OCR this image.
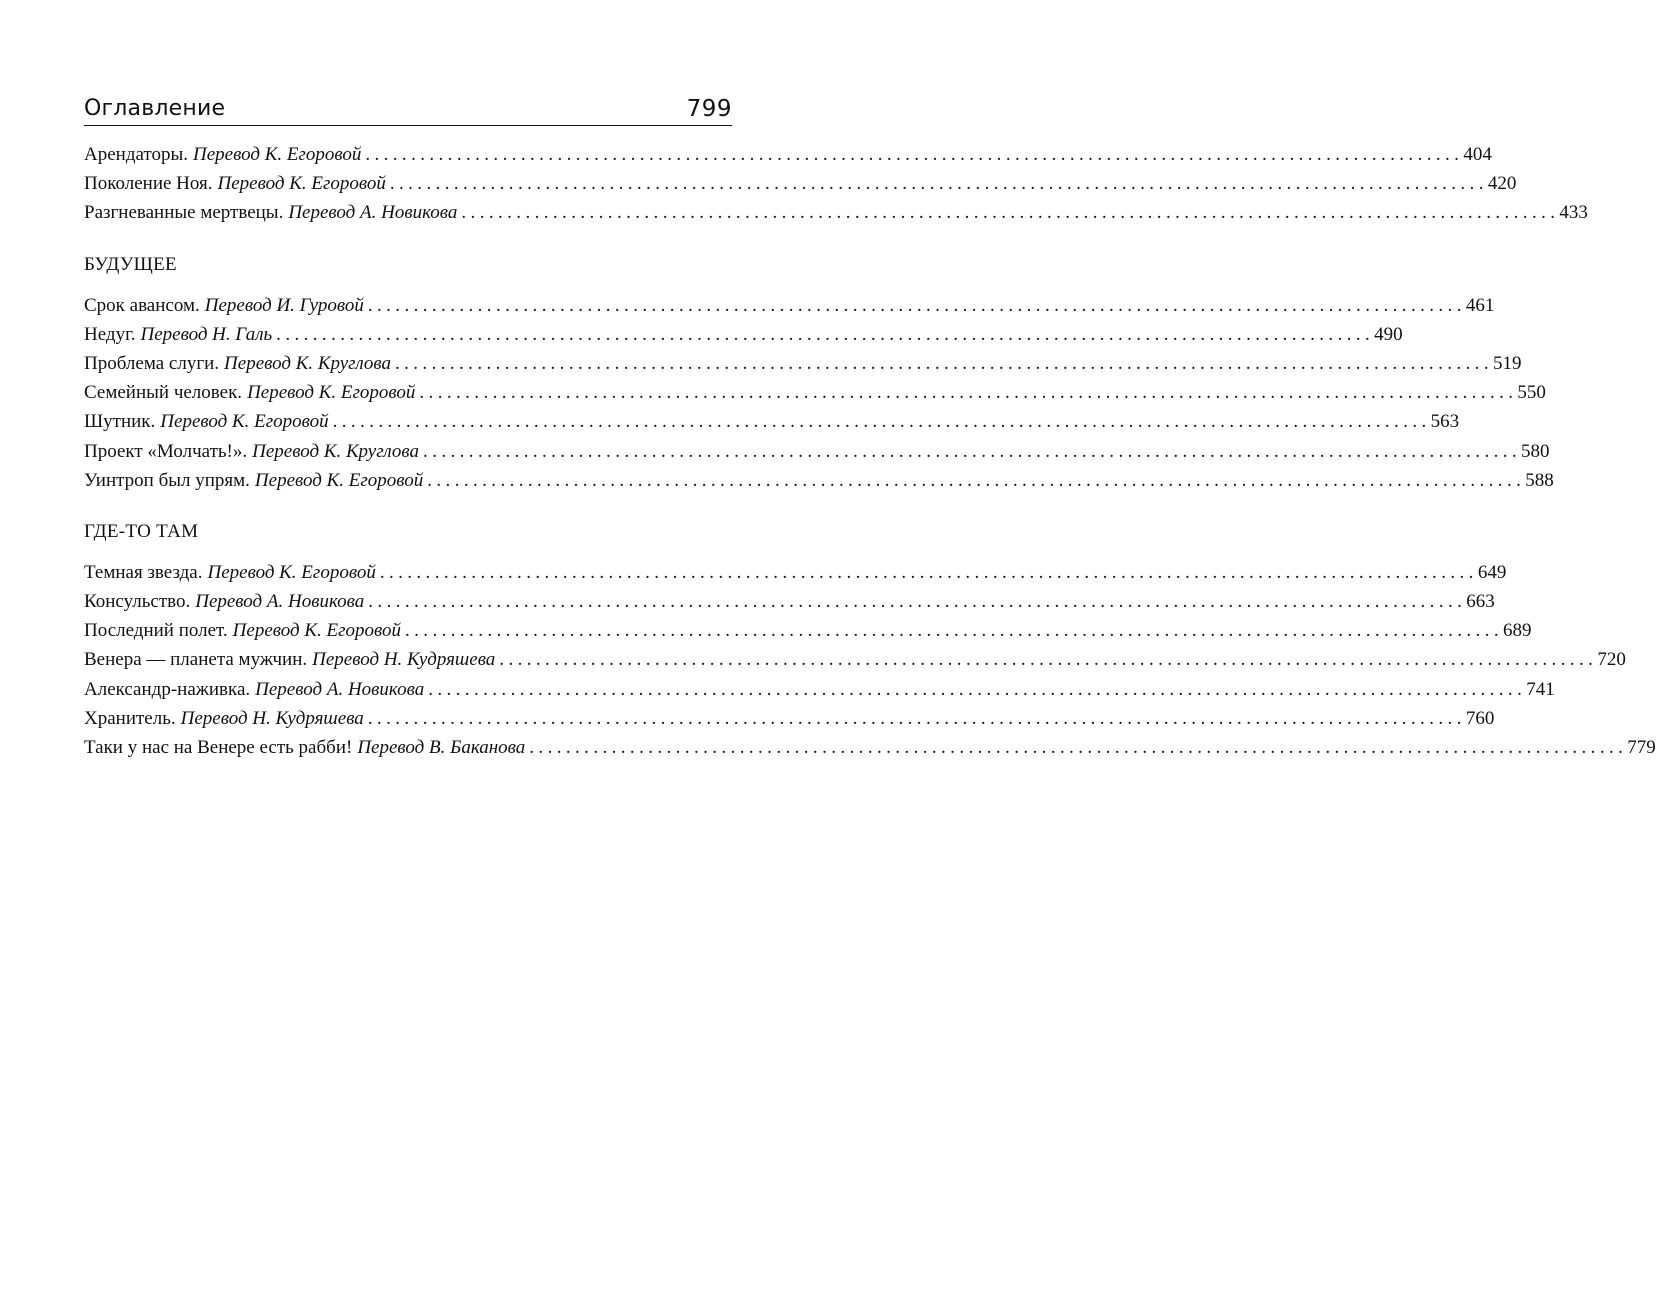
Оглавление	799
Арендаторы. Перевод К. Егоровой ........................................................................................................................ 404
Поколение Ноя. Перевод К. Егоровой ........................................................................................................................ 420
Разгневанные мертвецы. Перевод А. Новикова ........................................................................................................................ 433
БУДУЩЕЕ
Срок авансом. Перевод И. Гуровой ........................................................................................................................ 461
Недуг. Перевод Н. Галь ........................................................................................................................ 490
Проблема слуги. Перевод К. Круглова ........................................................................................................................ 519
Семейный человек. Перевод К. Егоровой ........................................................................................................................ 550
Шутник. Перевод К. Егоровой ........................................................................................................................ 563
Проект «Молчать!». Перевод К. Круглова ........................................................................................................................ 580
Уинтроп был упрям. Перевод К. Егоровой ........................................................................................................................ 588
ГДЕ-ТО ТАМ
Темная звезда. Перевод К. Егоровой ........................................................................................................................ 649
Консульство. Перевод А. Новикова ........................................................................................................................ 663
Последний полет. Перевод К. Егоровой ........................................................................................................................ 689
Венера — планета мужчин. Перевод Н. Кудряшева ........................................................................................................................ 720
Александр-наживка. Перевод А. Новикова ........................................................................................................................ 741
Хранитель. Перевод Н. Кудряшева ........................................................................................................................ 760
Таки у нас на Венере есть рабби! Перевод В. Баканова ........................................................................................................................ 779
